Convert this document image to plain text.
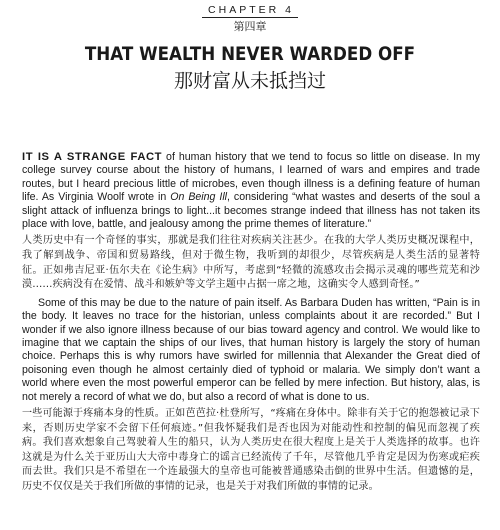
CHAPTER 4
第四章
THAT WEALTH NEVER WARDED OFF
那财富从未抵挡过

IT IS A STRANGE FACT of human history that we tend to focus so little on disease. In my college survey course about the history of humans, I learned of wars and empires and trade routes, but I heard precious little of microbes, even though illness is a defining feature of human life. As Virginia Woolf wrote in On Being Ill, considering “what wastes and deserts of the soul a slight attack of influenza brings to light...it becomes strange indeed that illness has not taken its place with love, battle, and jealousy among the prime themes of literature.”

人类历史中有一个奇怪的事实，那就是我们往往对疾病关注甚少。在我的大学人类历史概况课程中，我了解到战争、帝国和贸易路线，但对于微生物，我听到的却很少，尽管疾病是人类生活的显著特征。正如弗吉尼亚·伍尔夫在《论生病》中所写，考虑到“轻微的流感攻击会揭示灵魂的哪些荒芜和沙漠……疾病没有在爱情、战斗和嫉妒等文学主题中占据一席之地，这确实令人感到奇怪。”

Some of this may be due to the nature of pain itself. As Barbara Duden has written, “Pain is in the body. It leaves no trace for the historian, unless complaints about it are recorded.” But I wonder if we also ignore illness because of our bias toward agency and control. We would like to imagine that we captain the ships of our lives, that human history is largely the story of human choice. Perhaps this is why rumors have swirled for millennia that Alexander the Great died of poisoning even though he almost certainly died of typhoid or malaria. We simply don’t want a world where even the most powerful emperor can be felled by mere infection. But history, alas, is not merely a record of what we do, but also a record of what is done to us.

一些可能源于疼痛本身的性质。正如芭芭拉·杜登所写，“疼痛在身体中。除非有关于它的抱怨被记录下来，否则历史学家不会留下任何痕迹。”但我怀疑我们是否也因为对能动性和控制的偏见而忽视了疾病。我们喜欢想象自己驾驶着人生的船只，认为人类历史在很大程度上是关于人类选择的故事。也许这就是为什么关于亚历山大大帝中毒身亡的谣言已经流传了千年，尽管他几乎肯定是因为伤寒或疟疾而去世。我们只是不希望在一个连最强大的皇帝也可能被普通感染击倒的世界中生活。但遗憾的是，历史不仅仅是关于我们所做的事情的记录，也是关于对我们所做的事情的记录。
